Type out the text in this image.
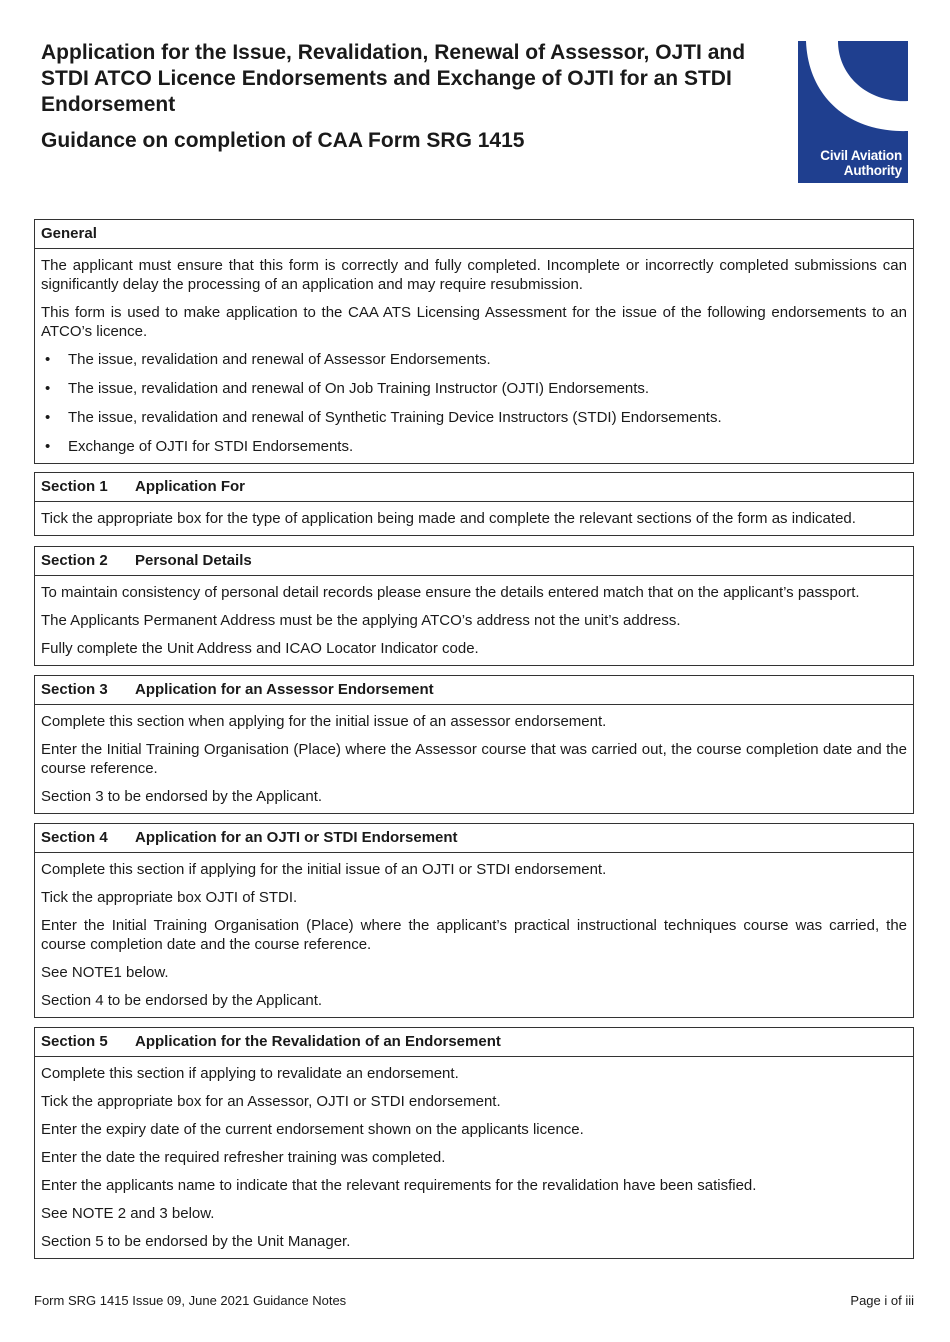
Application for the Issue, Revalidation, Renewal of Assessor, OJTI and STDI ATCO Licence Endorsements and Exchange of OJTI for an STDI Endorsement
Guidance on completion of CAA Form SRG 1415
Civil Aviation
Authority
General
The applicant must ensure that this form is correctly and fully completed. Incomplete or incorrectly completed submissions can significantly delay the processing of an application and may require resubmission.
This form is used to make application to the CAA ATS Licensing Assessment for the issue of the following endorsements to an ATCO’s licence.
• The issue, revalidation and renewal of Assessor Endorsements.
• The issue, revalidation and renewal of On Job Training Instructor (OJTI) Endorsements.
• The issue, revalidation and renewal of Synthetic Training Device Instructors (STDI) Endorsements.
• Exchange of OJTI for STDI Endorsements.
Section 1 Application For
Tick the appropriate box for the type of application being made and complete the relevant sections of the form as indicated.
Section 2 Personal Details
To maintain consistency of personal detail records please ensure the details entered match that on the applicant’s passport.
The Applicants Permanent Address must be the applying ATCO’s address not the unit’s address.
Fully complete the Unit Address and ICAO Locator Indicator code.
Section 3 Application for an Assessor Endorsement
Complete this section when applying for the initial issue of an assessor endorsement.
Enter the Initial Training Organisation (Place) where the Assessor course that was carried out, the course completion date and the course reference.
Section 3 to be endorsed by the Applicant.
Section 4 Application for an OJTI or STDI Endorsement
Complete this section if applying for the initial issue of an OJTI or STDI endorsement.
Tick the appropriate box OJTI of STDI.
Enter the Initial Training Organisation (Place) where the applicant’s practical instructional techniques course was carried, the course completion date and the course reference.
See NOTE1 below.
Section 4 to be endorsed by the Applicant.
Section 5 Application for the Revalidation of an Endorsement
Complete this section if applying to revalidate an endorsement.
Tick the appropriate box for an Assessor, OJTI or STDI endorsement.
Enter the expiry date of the current endorsement shown on the applicants licence.
Enter the date the required refresher training was completed.
Enter the applicants name to indicate that the relevant requirements for the revalidation have been satisfied.
See NOTE 2 and 3 below.
Section 5 to be endorsed by the Unit Manager.
Form SRG 1415 Issue 09, June 2021 Guidance Notes	Page i of iii
